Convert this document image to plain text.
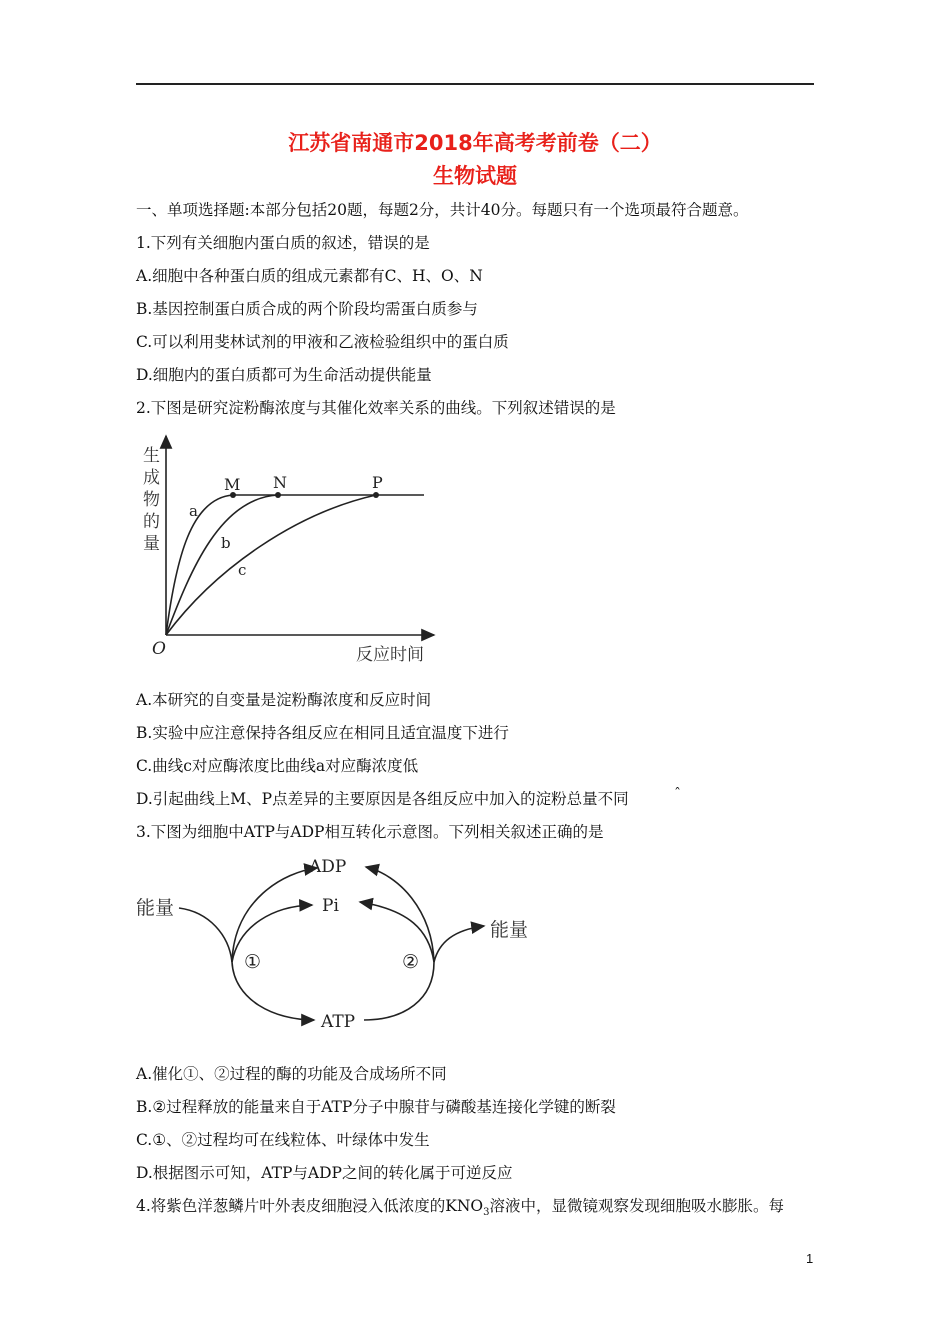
江苏省南通市2018年高考考前卷（二）
生物试题
一、单项选择题:本部分包括20题，每题2分，共计40分。每题只有一个选项最符合题意。
1.下列有关细胞内蛋白质的叙述，错误的是
A.细胞中各种蛋白质的组成元素都有C、H、O、N
B.基因控制蛋白质合成的两个阶段均需蛋白质参与
C.可以利用斐林试剂的甲液和乙液检验组织中的蛋白质
D.细胞内的蛋白质都可为生命活动提供能量
2.下图是研究淀粉酶浓度与其催化效率关系的曲线。下列叙述错误的是
生
成
物
的
量
M N	P
a
b
c
O	反应时间
A.本研究的自变量是淀粉酶浓度和反应时间
B.实验中应注意保持各组反应在相同且适宜温度下进行
C.曲线c对应酶浓度比曲线a对应酶浓度低
D.引起曲线上M、P点差异的主要原因是各组反应中加入的淀粉总量不同	ˆ
3.下图为细胞中ATP与ADP相互转化示意图。下列相关叙述正确的是
能量
ADP
Pi
①	②
能量
ATP
A.催化①、②过程的酶的功能及合成场所不同
B.②过程释放的能量来自于ATP分子中腺苷与磷酸基连接化学键的断裂
C.①、②过程均可在线粒体、叶绿体中发生
D.根据图示可知，ATP与ADP之间的转化属于可逆反应
4.将紫色洋葱鳞片叶外表皮细胞浸入低浓度的$KNO_3$溶液中，显微镜观察发现细胞吸水膨胀。每
1
